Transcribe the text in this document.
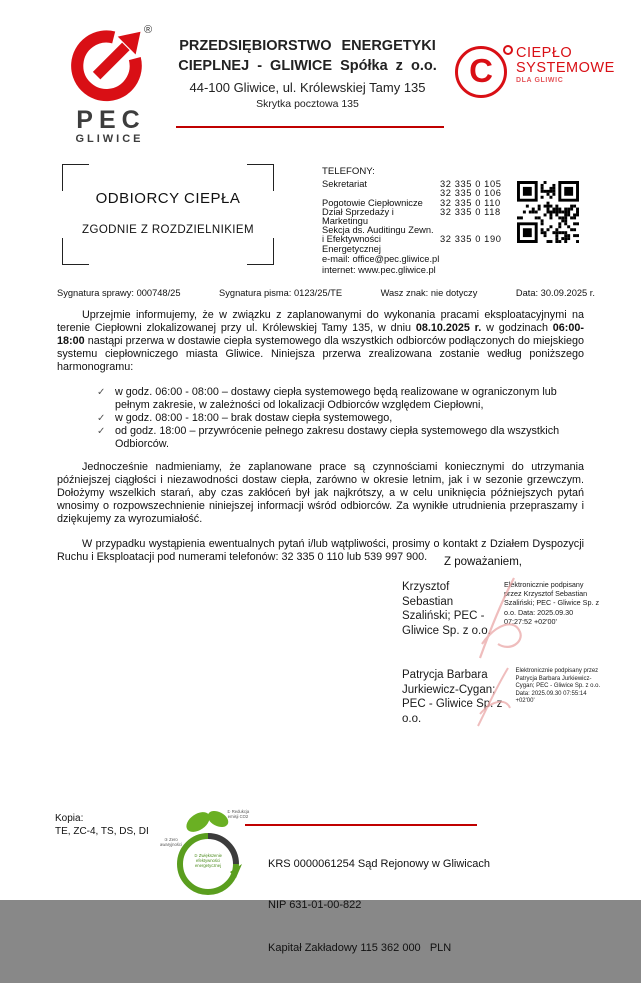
®
PEC
GLIWICE
PRZEDSIĘBIORSTWO ENERGETYKI
CIEPLNEJ - GLIWICE Spółka z o.o.
44-100 Gliwice, ul. Królewskiej Tamy 135
Skrytka pocztowa 135
C CIEPŁO
SYSTEMOWE
DLA GLIWIC
ODBIORCY CIEPŁA
ZGODNIE Z ROZDZIELNIKIEM
TELEFONY:
Sekretariat	32 335 0 105
32 335 0 106
Pogotowie Ciepłownicze	32 335 0 110
Dział Sprzedaży i Marketingu
32 335 0 118
Sekcja ds. Auditingu Zewn.
i Efektywności Energetycznej
32 335 0 190
e-mail: office@pec.gliwice.pl
internet: www.pec.gliwice.pl
Sygnatura sprawy: 000748/25	Sygnatura pisma: 0123/25/TE	Wasz znak: nie dotyczy	Data: 30.09.2025 r.

Uprzejmie informujemy, że w związku z zaplanowanymi do wykonania pracami eksploatacyjnymi na terenie Ciepłowni zlokalizowanej przy ul. Królewskiej Tamy 135, w dniu 08.10.2025 r. w godzinach 06:00-18:00 nastąpi przerwa w dostawie ciepła systemowego dla wszystkich odbiorców podłączonych do miejskiego systemu ciepłowniczego miasta Gliwice. Niniejsza przerwa zrealizowana zostanie według poniższego harmonogramu:

✓ w godz. 06:00 - 08:00 – dostawy ciepła systemowego będą realizowane w ograniczonym lub pełnym zakresie, w zależności od lokalizacji Odbiorców względem Ciepłowni,
✓ w godz. 08:00 - 18:00 – brak dostaw ciepła systemowego,
✓ od godz. 18:00 – przywrócenie pełnego zakresu dostawy ciepła systemowego dla wszystkich Odbiorców.

Jednocześnie nadmieniamy, że zaplanowane prace są czynnościami koniecznymi do utrzymania późniejszej ciągłości i niezawodności dostaw ciepła, zarówno w okresie letnim, jak i w sezonie grzewczym. Dołożymy wszelkich starań, aby czas zakłóceń był jak najkrótszy, a w celu uniknięcia późniejszych pytań wnosimy o rozpowszechnienie niniejszej informacji wśród odbiorców. Za wynikłe utrudnienia przepraszamy i dziękujemy za wyrozumiałość.

W przypadku wystąpienia ewentualnych pytań i/lub wątpliwości, prosimy o kontakt z Działem Dyspozycji Ruchu i Eksploatacji pod numerami telefonów: 32 335 0 110 lub 539 997 900.	Z poważaniem,
Krzysztof Sebastian Szaliński; PEC - Gliwice Sp. z o.o.
Elektronicznie podpisany przez Krzysztof Sebastian Szaliński; PEC - Gliwice Sp. z o.o. Data: 2025.09.30 07:27:52 +02'00'
Patrycja Barbara Jurkiewicz-Cygan; PEC - Gliwice Sp. z o.o.
Elektronicznie podpisany przez Patrycja Barbara Jurkiewicz-Cygan; PEC - Gliwice Sp. z o.o. Data: 2025.09.30 07:55:14 +02'00'
Kopia:
TE, ZC-4, TS, DS, DI
① Redukcja emisji CO2
③ Zero awaryjności
② Zwiększenie efektywności energetycznej

	KRS 0000061254 Sąd Rejonowy w Gliwicach

NIP 631-01-00-822

Kapitał Zakładowy 115 362 000   PLN
